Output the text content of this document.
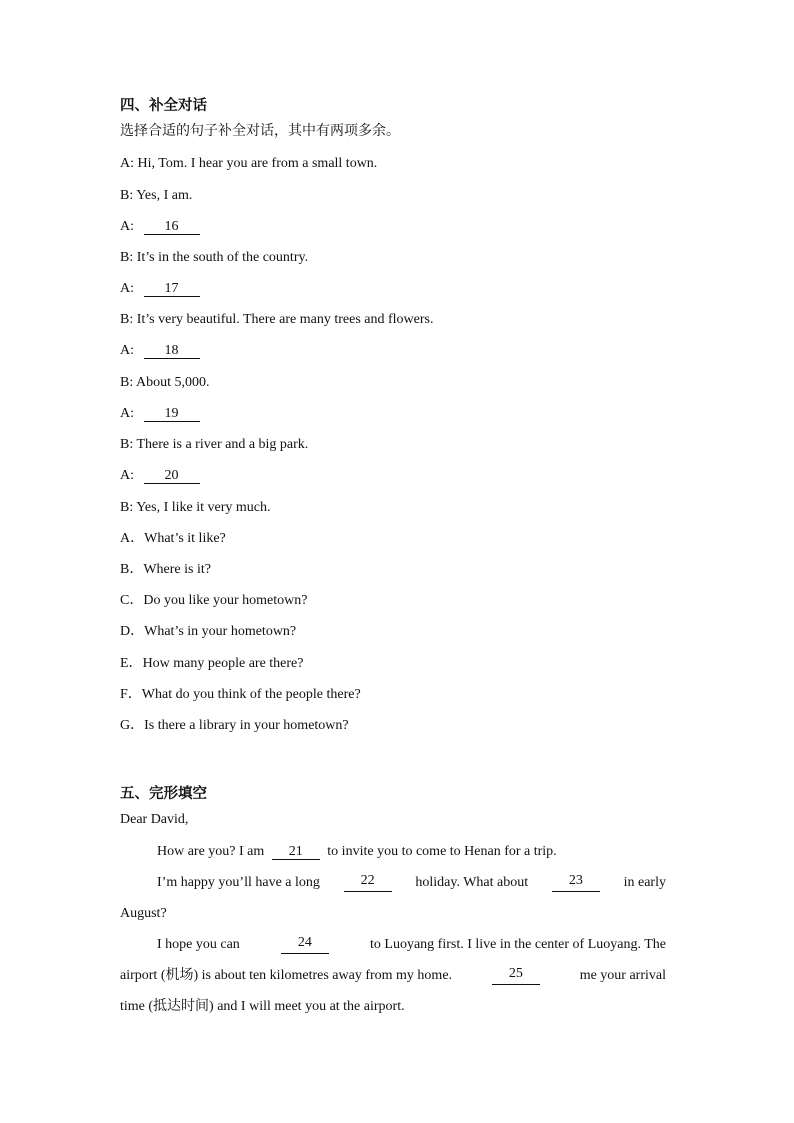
四、补全对话
选择合适的句子补全对话，其中有两项多余。
A: Hi, Tom. I hear you are from a small town.
B: Yes, I am.
A: 16
B: It’s in the south of the country.
A: 17
B: It’s very beautiful. There are many trees and flowers.
A: 18
B: About 5,000.
A: 19
B: There is a river and a big park.
A: 20
B: Yes, I like it very much.
A．What’s it like?
B．Where is it?
C．Do you like your hometown?
D．What’s in your hometown?
E．How many people are there?
F．What do you think of the people there?
G．Is there a library in your hometown?
五、完形填空
Dear David,
How are you? I am 21 to invite you to come to Henan for a trip.
I’m happy you’ll have a long	22	holiday. What about	23	in early
August?
I hope you can	24	to Luoyang first. I live in the center of Luoyang. The
airport (机场) is about ten kilometres away from my home.	25	me your arrival
time (抵达时间) and I will meet you at the airport.
